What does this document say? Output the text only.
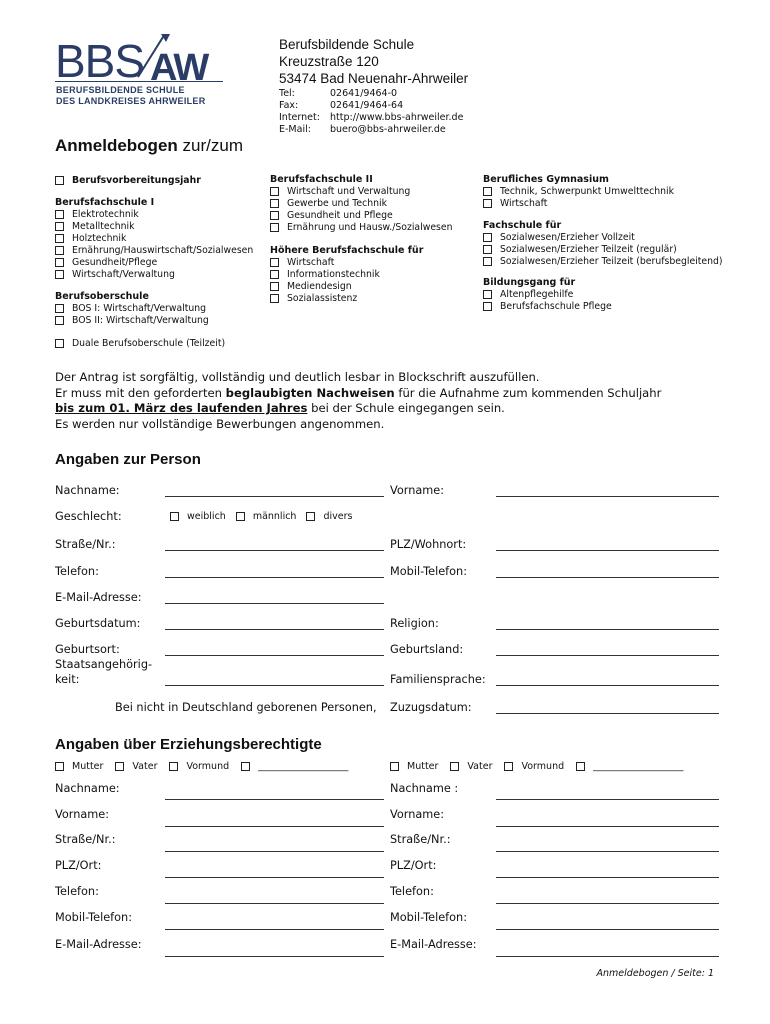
BBS AW
BERUFSBILDENDE SCHULE
DES LANDKREISES AHRWEILER
Berufsbildende Schule
Kreuzstraße 120
53474 Bad Neuenahr-Ahrweiler
Tel:	02641/9464-0
Fax:	02641/9464-64
Internet: http://www.bbs-ahrweiler.de
E-Mail: buero@bbs-ahrweiler.de
Anmeldebogen zur/zum
Berufsvorbereitungsjahr
Berufsfachschule I
Elektrotechnik
Metalltechnik
Holztechnik
Ernährung/Hauswirtschaft/Sozialwesen
Gesundheit/Pflege
Wirtschaft/Verwaltung
Berufsoberschule
BOS I: Wirtschaft/Verwaltung
BOS II: Wirtschaft/Verwaltung
Duale Berufsoberschule (Teilzeit)
Berufsfachschule II
Wirtschaft und Verwaltung
Gewerbe und Technik
Gesundheit und Pflege
Ernährung und Hausw./Sozialwesen
Höhere Berufsfachschule für
Wirtschaft
Informationstechnik
Mediendesign
Sozialassistenz
Berufliches Gymnasium
Technik, Schwerpunkt Umwelttechnik
Wirtschaft
Fachschule für
Sozialwesen/Erzieher Vollzeit
Sozialwesen/Erzieher Teilzeit (regulär)
Sozialwesen/Erzieher Teilzeit (berufsbegleitend)
Bildungsgang für
Altenpflegehilfe
Berufsfachschule Pflege
Der Antrag ist sorgfältig, vollständig und deutlich lesbar in Blockschrift auszufüllen.
Er muss mit den geforderten beglaubigten Nachweisen für die Aufnahme zum kommenden Schuljahr
bis zum 01. März des laufenden Jahres bei der Schule eingegangen sein.
Es werden nur vollständige Bewerbungen angenommen.
Angaben zur Person
Nachname:	Vorname:
Geschlecht:	weiblich	männlich	divers
Straße/Nr.:	PLZ/Wohnort:
Telefon:	Mobil-Telefon:
E-Mail-Adresse:
Geburtsdatum:	Religion:
Geburtsort:	Geburtsland:
Staatsangehörig-
keit:	Familiensprache:
Bei nicht in Deutschland geborenen Personen, Zuzugsdatum:
Angaben über Erziehungsberechtigte
Mutter	Vater	Vormund	___________________	Mutter	Vater	Vormund	___________________
Nachname:	Nachname :
Vorname:	Vorname:
Straße/Nr.:	Straße/Nr.:
PLZ/Ort:	PLZ/Ort:
Telefon:	Telefon:
Mobil-Telefon:	Mobil-Telefon:
E-Mail-Adresse:	E-Mail-Adresse:
Anmeldebogen / Seite: 1
